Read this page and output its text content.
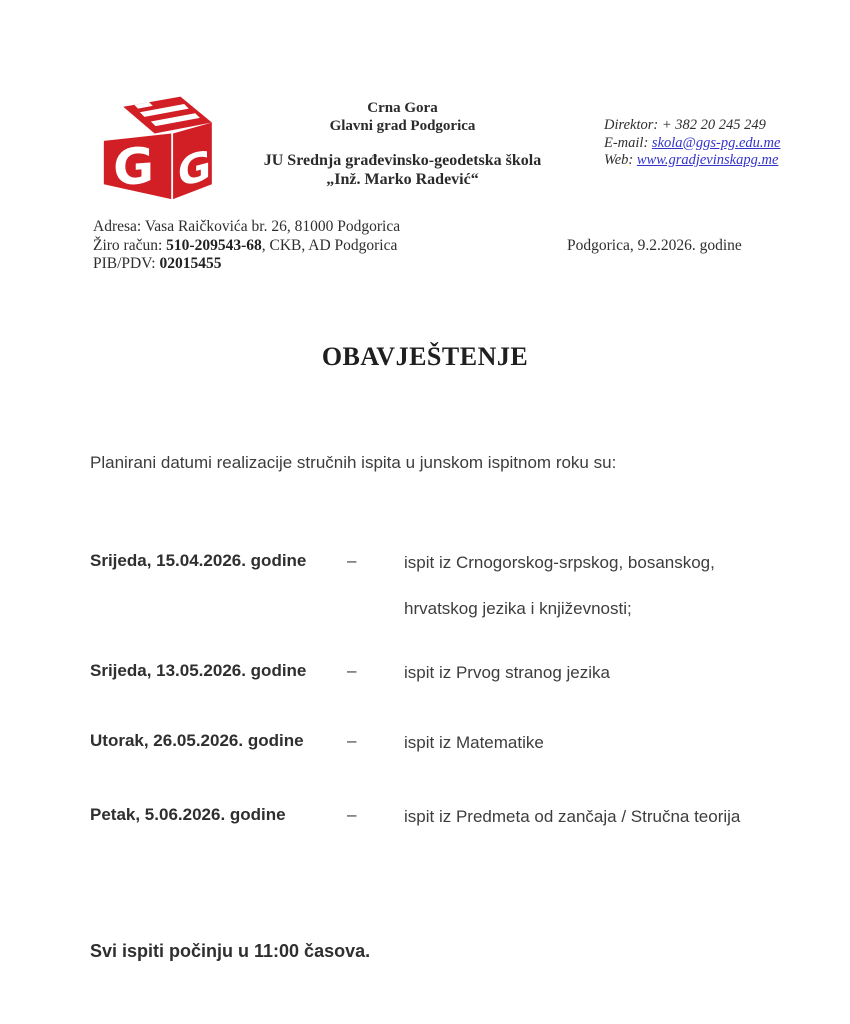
G G
Crna Gora
Glavni grad Podgorica
JU Srednja građevinsko-geodetska škola
„Inž. Marko Radević“
Direktor: + 382 20 245 249
E-mail: skola@ggs-pg.edu.me
Web: www.gradjevinskapg.me
Adresa: Vasa Raičkovića br. 26, 81000 Podgorica
Žiro račun: 510-209543-68, CKB, AD Podgorica
PIB/PDV: 02015455
Podgorica, 9.2.2026. godine
OBAVJEŠTENJE
Planirani datumi realizacije stručnih ispita u junskom ispitnom roku su:
Srijeda, 15.04.2026. godine	–	ispit iz Crnogorskog-srpskog, bosanskog,
hrvatskog jezika i književnosti;
Srijeda, 13.05.2026. godine	–	ispit iz Prvog stranog jezika
Utorak, 26.05.2026. godine	–	ispit iz Matematike
Petak, 5.06.2026. godine	–	ispit iz Predmeta od zančaja / Stručna teorija
Svi ispiti počinju u 11:00 časova.
